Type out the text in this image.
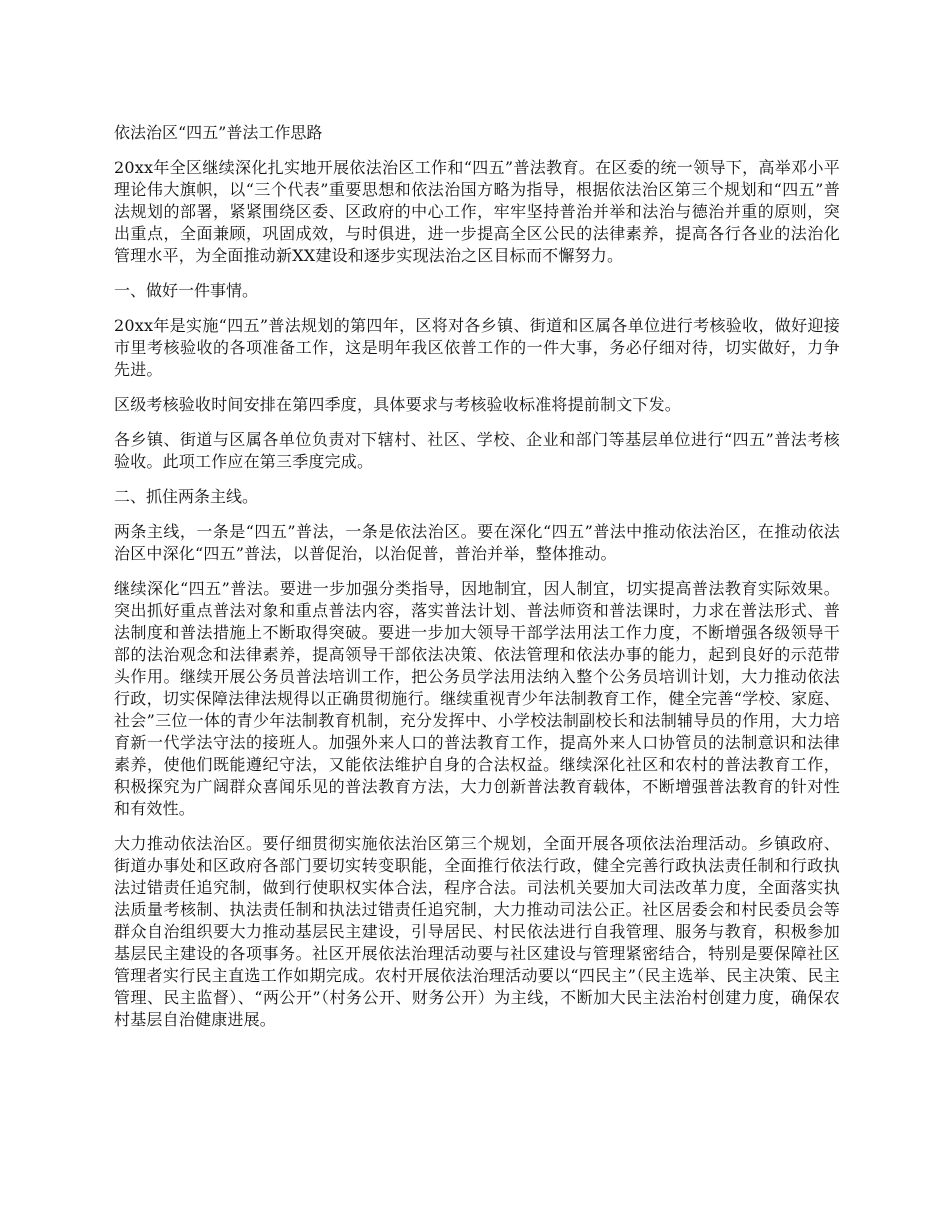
依法治区“四五”普法工作思路

20xx年全区继续深化扎实地开展依法治区工作和“四五”普法教育。在区委的统一领导下，高举邓小平理论伟大旗帜，以“三个代表”重要思想和依法治国方略为指导，根据依法治区第三个规划和“四五”普法规划的部署，紧紧围绕区委、区政府的中心工作，牢牢坚持普治并举和法治与德治并重的原则，突出重点，全面兼顾，巩固成效，与时俱进，进一步提高全区公民的法律素养，提高各行各业的法治化管理水平，为全面推动新XX建设和逐步实现法治之区目标而不懈努力。

一、做好一件事情。

20xx年是实施“四五”普法规划的第四年，区将对各乡镇、街道和区属各单位进行考核验收，做好迎接市里考核验收的各项准备工作，这是明年我区依普工作的一件大事，务必仔细对待，切实做好，力争先进。

区级考核验收时间安排在第四季度，具体要求与考核验收标准将提前制文下发。

各乡镇、街道与区属各单位负责对下辖村、社区、学校、企业和部门等基层单位进行“四五”普法考核验收。此项工作应在第三季度完成。

二、抓住两条主线。

两条主线，一条是“四五”普法，一条是依法治区。要在深化“四五”普法中推动依法治区，在推动依法治区中深化“四五”普法，以普促治，以治促普，普治并举，整体推动。

继续深化“四五”普法。要进一步加强分类指导，因地制宜，因人制宜，切实提高普法教育实际效果。突出抓好重点普法对象和重点普法内容，落实普法计划、普法师资和普法课时，力求在普法形式、普法制度和普法措施上不断取得突破。要进一步加大领导干部学法用法工作力度，不断增强各级领导干部的法治观念和法律素养，提高领导干部依法决策、依法管理和依法办事的能力，起到良好的示范带头作用。继续开展公务员普法培训工作，把公务员学法用法纳入整个公务员培训计划，大力推动依法行政，切实保障法律法规得以正确贯彻施行。继续重视青少年法制教育工作，健全完善“学校、家庭、社会”三位一体的青少年法制教育机制，充分发挥中、小学校法制副校长和法制辅导员的作用，大力培育新一代学法守法的接班人。加强外来人口的普法教育工作，提高外来人口协管员的法制意识和法律素养，使他们既能遵纪守法，又能依法维护自身的合法权益。继续深化社区和农村的普法教育工作，积极探究为广阔群众喜闻乐见的普法教育方法，大力创新普法教育载体，不断增强普法教育的针对性和有效性。

大力推动依法治区。要仔细贯彻实施依法治区第三个规划，全面开展各项依法治理活动。乡镇政府、街道办事处和区政府各部门要切实转变职能，全面推行依法行政，健全完善行政执法责任制和行政执法过错责任追究制，做到行使职权实体合法，程序合法。司法机关要加大司法改革力度，全面落实执法质量考核制、执法责任制和执法过错责任追究制，大力推动司法公正。社区居委会和村民委员会等群众自治组织要大力推动基层民主建设，引导居民、村民依法进行自我管理、服务与教育，积极参加基层民主建设的各项事务。社区开展依法治理活动要与社区建设与管理紧密结合，特别是要保障社区管理者实行民主直选工作如期完成。农村开展依法治理活动要以“四民主”（民主选举、民主决策、民主管理、民主监督）、“两公开”（村务公开、财务公开）为主线，不断加大民主法治村创建力度，确保农村基层自治健康进展。
